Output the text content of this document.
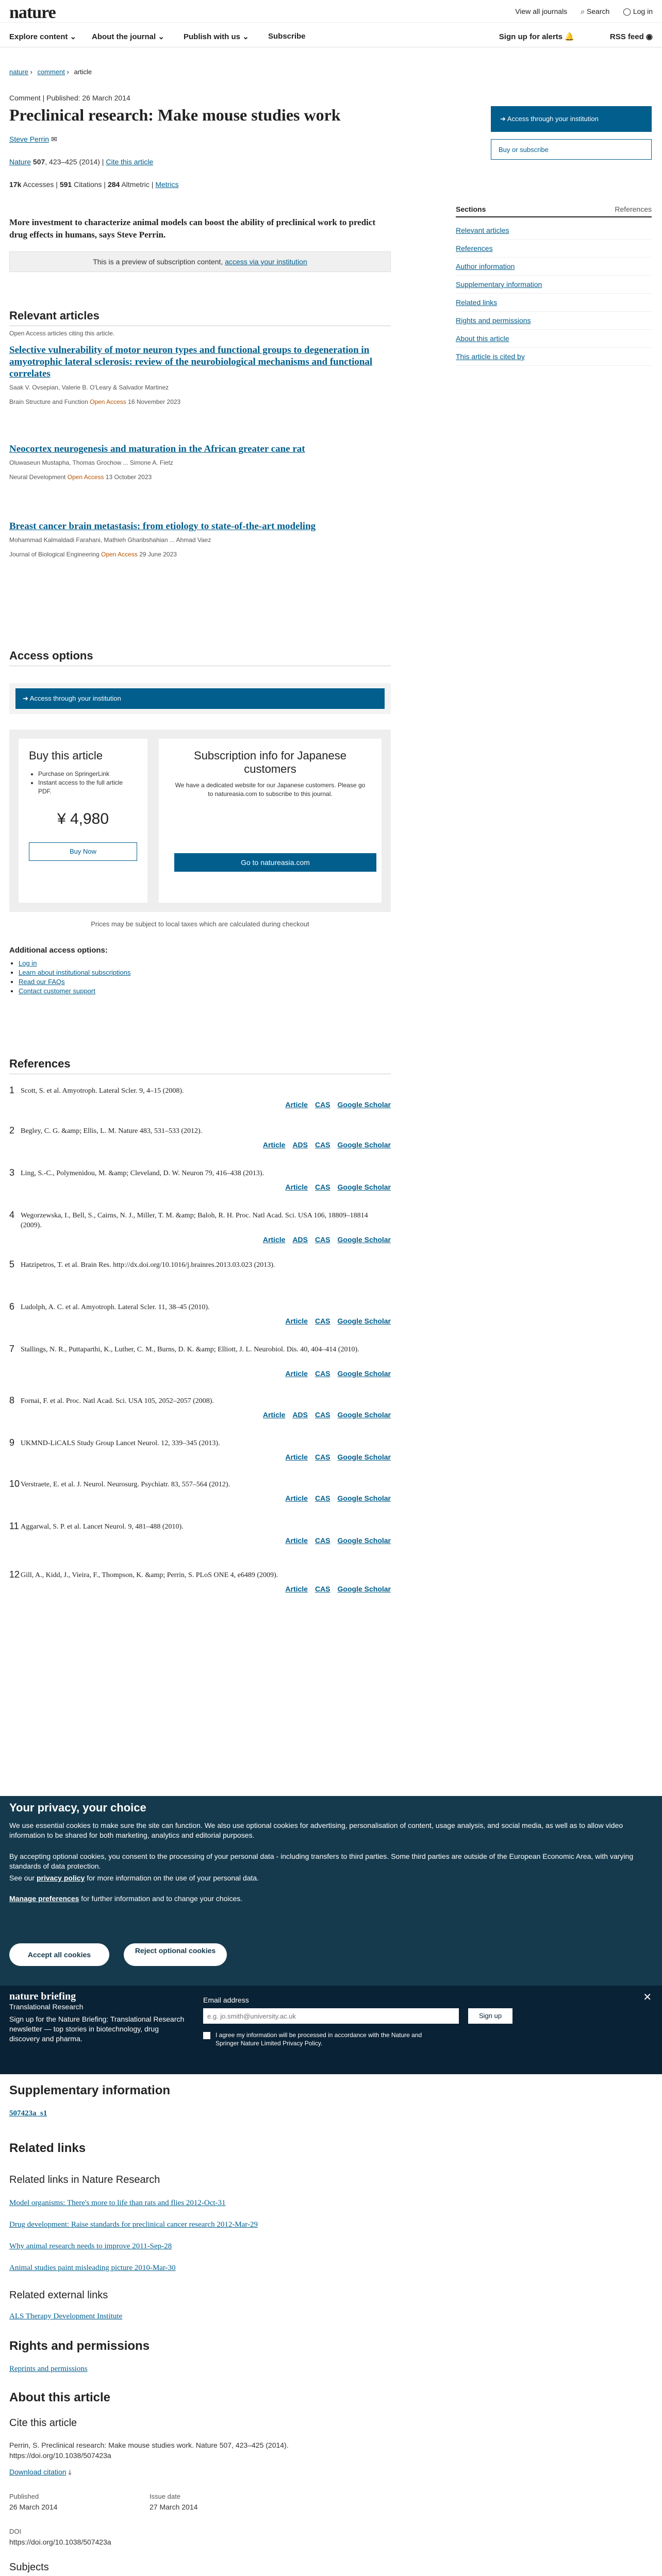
nature	View all journals ⌕ Search ◯ Log in
Explore content ⌄ About the journal ⌄ Publish with us ⌄ Subscribe	Sign up for alerts 🔔	RSS feed ◉
nature › comment › article
Comment | Published: 26 March 2014
Preclinical research: Make mouse studies work
Steve Perrin ✉
Nature 507, 423–425 (2014) | Cite this article
17k Accesses | 591 Citations | 284 Altmetric | Metrics

More investment to characterize animal models can boost the ability of preclinical work to predict drug effects in humans, says Steve Perrin.

This is a preview of subscription content, access via your institution
➜ Access through your institution
Buy or subscribe
Sections	References
Relevant articles
References
Author information
Supplementary information
Related links
Rights and permissions
About this article
This article is cited by
Relevant articles
Open Access articles citing this article.
Selective vulnerability of motor neuron types and functional groups to degeneration in amyotrophic lateral sclerosis: review of the neurobiological mechanisms and functional correlates
Saak V. Ovsepian, Valerie B. O'Leary & Salvador Martinez
Brain Structure and Function Open Access 16 November 2023
Neocortex neurogenesis and maturation in the African greater cane rat
Oluwaseun Mustapha, Thomas Grochow ... Simone A. Fietz
Neural Development Open Access 13 October 2023
Breast cancer brain metastasis: from etiology to state-of-the-art modeling
Mohammad Kalmaldadi Farahani, Mathieh Gharibshahian ... Ahmad Vaez
Journal of Biological Engineering Open Access 29 June 2023
Access options
➜ Access through your institution
Buy this article
• Purchase on SpringerLink
• Instant access to the full article PDF.
¥ 4,980
Buy Now
Subscription info for Japanese customers

We have a dedicated website for our Japanese customers. Please go to natureasia.com to subscribe to this journal.

Go to natureasia.com
Prices may be subject to local taxes which are calculated during checkout
Additional access options:
• Log in
• Learn about institutional subscriptions
• Read our FAQs
• Contact customer support
References
1 Scott, S. et al. Amyotroph. Lateral Scler. 9, 4–15 (2008).
Article CAS Google Scholar
2 Begley, C. G. &amp; Ellis, L. M. Nature 483, 531–533 (2012).
Article ADS CAS Google Scholar
3 Ling, S.-C., Polymenidou, M. &amp; Cleveland, D. W. Neuron 79, 416–438 (2013).
Article CAS Google Scholar
4 Wegorzewska, I., Bell, S., Cairns, N. J., Miller, T. M. &amp; Baloh, R. H. Proc. Natl Acad. Sci. USA 106, 18809–18814 (2009).
Article ADS CAS Google Scholar
5 Hatzipetros, T. et al. Brain Res. http://dx.doi.org/10.1016/j.brainres.2013.03.023 (2013).
6 Ludolph, A. C. et al. Amyotroph. Lateral Scler. 11, 38–45 (2010).
Article CAS Google Scholar
7 Stallings, N. R., Puttaparthi, K., Luther, C. M., Burns, D. K. &amp; Elliott, J. L. Neurobiol. Dis. 40, 404–414 (2010).
Article CAS Google Scholar
8 Fornai, F. et al. Proc. Natl Acad. Sci. USA 105, 2052–2057 (2008).
Article ADS CAS Google Scholar
9 UKMND-LiCALS Study Group Lancet Neurol. 12, 339–345 (2013).
Article CAS Google Scholar
10 Verstraete, E. et al. J. Neurol. Neurosurg. Psychiatr. 83, 557–564 (2012).
Article CAS Google Scholar
11 Aggarwal, S. P. et al. Lancet Neurol. 9, 481–488 (2010).
Article CAS Google Scholar
12 Gill, A., Kidd, J., Vieira, F., Thompson, K. &amp; Perrin, S. PLoS ONE 4, e6489 (2009).
Article CAS Google Scholar
Your privacy, your choice

We use essential cookies to make sure the site can function. We also use optional cookies for advertising, personalisation of content, usage analysis, and social media, as well as to allow video information to be shared for both marketing, analytics and editorial purposes.

By accepting optional cookies, you consent to the processing of your personal data - including transfers to third parties. Some third parties are outside of the European Economic Area, with varying standards of data protection.

See our privacy policy for more information on the use of your personal data.

Manage preferences for further information and to change your choices.

Accept all cookies	Reject optional cookies
nature briefing
Translational Research
Sign up for the Nature Briefing: Translational Research newsletter — top stories in biotechnology, drug discovery and pharma.
Email address
e.g. jo.smith@university.ac.uk
Sign up
I agree my information will be processed in accordance with the Nature and Springer Nature Limited Privacy Policy.
✕
Supplementary information
507423a_s1
Related links
Related links in Nature Research
Model organisms: There's more to life than rats and flies 2012-Oct-31
Drug development: Raise standards for preclinical cancer research 2012-Mar-29
Why animal research needs to improve 2011-Sep-28
Animal studies paint misleading picture 2010-Mar-30
Related external links
ALS Therapy Development Institute
Rights and permissions
Reprints and permissions
About this article
Cite this article
Perrin, S. Preclinical research: Make mouse studies work. Nature 507, 423–425 (2014). https://doi.org/10.1038/507423a
Download citation ⤓
Published
26 March 2014
Issue date
27 March 2014
DOI
https://doi.org/10.1038/507423a
Subjects
